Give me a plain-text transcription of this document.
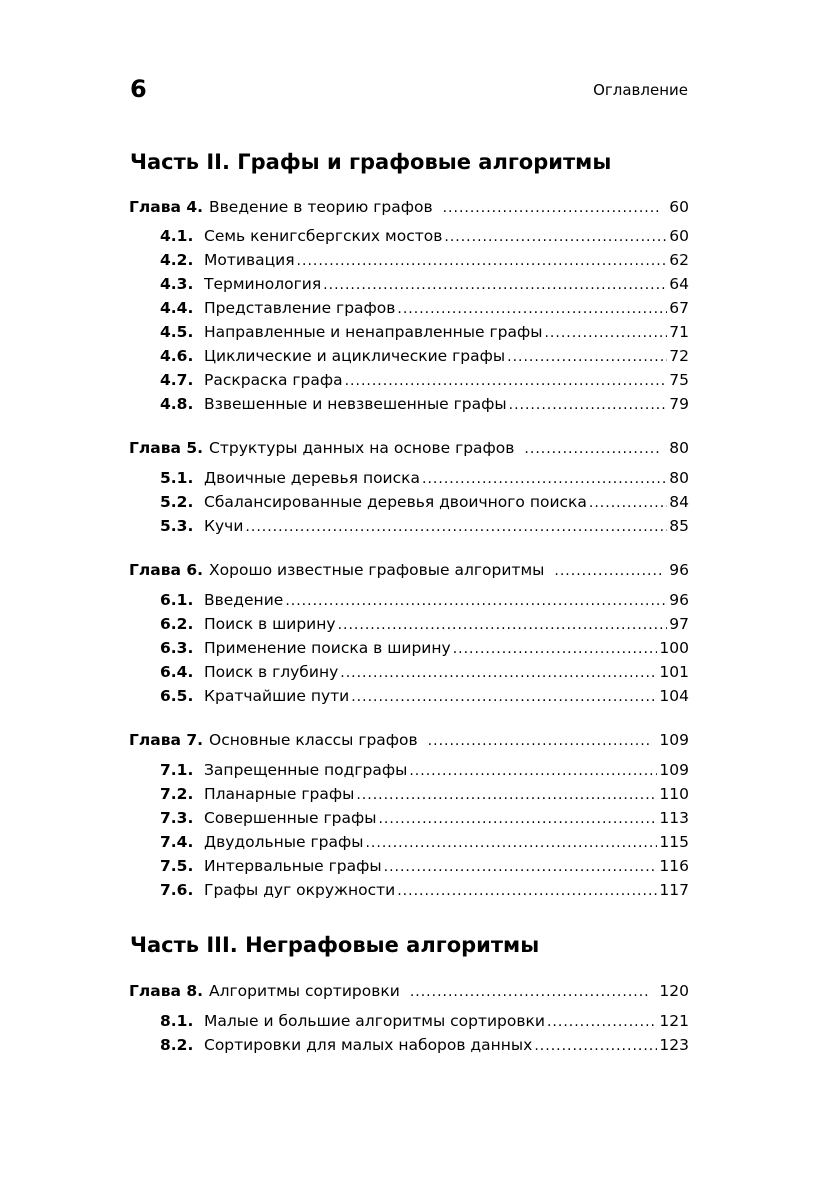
6	Оглавление
Часть II. Графы и графовые алгоритмы
Глава 4. Введение в теорию графов .....	60
4.1. Семь кенигсбергских мостов .....	60
4.2. Мотивация .....	62
4.3. Терминология .....	64
4.4. Представление графов .....	67
4.5. Направленные и ненаправленные графы .....	71
4.6. Циклические и ациклические графы .....	72
4.7. Раскраска графа .....	75
4.8. Взвешенные и невзвешенные графы .....	79
Глава 5. Структуры данных на основе графов .....	80
5.1. Двоичные деревья поиска .....	80
5.2. Сбалансированные деревья двоичного поиска .....	84
5.3. Кучи .....	85
Глава 6. Хорошо известные графовые алгоритмы .....	96
6.1. Введение .....	96
6.2. Поиск в ширину .....	97
6.3. Применение поиска в ширину .....	100
6.4. Поиск в глубину .....	101
6.5. Кратчайшие пути .....	104
Глава 7. Основные классы графов .....	109
7.1. Запрещенные подграфы .....	109
7.2. Планарные графы .....	110
7.3. Совершенные графы .....	113
7.4. Двудольные графы .....	115
7.5. Интервальные графы .....	116
7.6. Графы дуг окружности .....	117
Часть III. Неграфовые алгоритмы
Глава 8. Алгоритмы сортировки .....	120
8.1. Малые и большие алгоритмы сортировки .....	121
8.2. Сортировки для малых наборов данных .....	123
